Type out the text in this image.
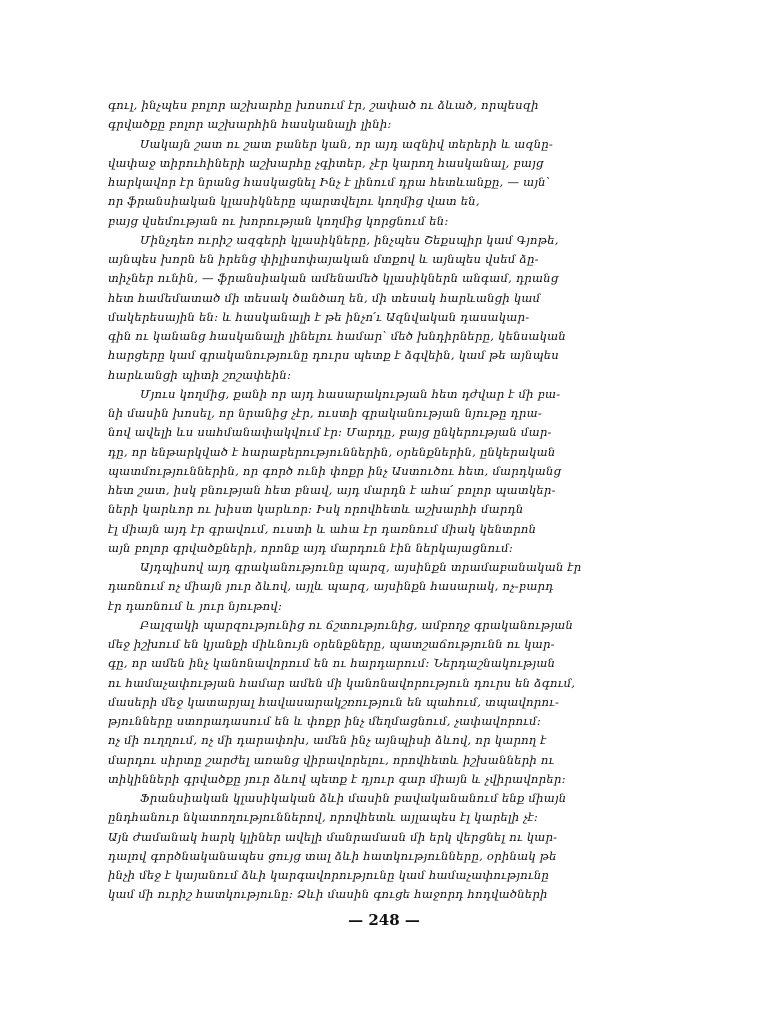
գուլ, ինչպես բոլոր աշխարհը խոսում էր, շափած ու ձևած, որպեսզի
գրվածքը բոլոր աշխարհին հասկանալի լինի։
Սակայն շատ ու շատ բաներ կան, որ այդ ազնիվ տերերի և ազնը-
վափաջ տիրուհիների աշխարհը չգիտեր, չէր կարող հասկանալ, բայց
հարկավոր էր նրանց հասկացնել Ինչ է լինում դրա հետևանքը, — այն՝
որ ֆրանսիական կլասիկները պարտվելու կողմից վատ են,
բայց վսեմության ու խորության կողմից կորցնում են։
Մինչդեռ ուրիշ ազգերի կլասիկները, ինչպես Շեքսպիր կամ Գյոթե,
այնպես խորն են իրենց փիլիսոփայական մտքով և այնպես վսեմ ձը-
տիչներ ունին, — ֆրանսիական ամենամեծ կլասիկներն անգամ, դրանց
հետ համեմատած մի տեսակ ծանծաղ են, մի տեսակ հարևանցի կամ
մակերեսային են։ և հասկանալի է թե ինչո՛ւ Ազնվական դասակար-
գին ու կանանց հասկանալի լինելու համար՝ մեծ խնդիրները, կենսական
հարցերը կամ գրականությունը դուրս պետք է ձգվեին, կամ թե այնպես
հարևանցի պիտի շոշափեին։
Մյուս կողմից, քանի որ այդ հասարակության հետ դժվար է մի բա-
նի մասին խոսել, որ նրանից չէր, ուստի գրականության նյութը դրա-
նով ավելի ևս սահմանափակվում էր։ Մարդը, բայց ընկերության մար-
դը, որ ենթարկված է հարաբերություններին, օրենքներին, ընկերական
պատմություններին, որ գործ ունի փոքր ինչ Աստուծու հետ, մարդկանց
հետ շատ, իսկ բնության հետ բնավ, այդ մարդն է ահա՛ բոլոր պատկեր-
ների կարևոր ու խիստ կարևոր։ Իսկ որովհետև աշխարհի մարդն
էլ միայն այդ էր գրավում, ուստի և ահա էր դառնում միակ կենտրոն
այն բոլոր գրվածքների, որոնք այդ մարդուն էին ներկայացնում։
Այդպիսով այդ գրականությունը պարզ, այսինքն տրամաբանական էր
դառնում ոչ միայն յուր ձևով, այլև պարզ, այսինքն հասարակ, ոչ-բարդ
էր դառնում և յուր նյութով։
Բալզակի պարզությունից ու ճշտությունից, ամբողջ գրականության
մեջ իշխում են կյանքի միևնույն օրենքները, պատշաճությունն ու կար-
գը, որ ամեն ինչ կանոնավորում են ու հարդարում։ Ներդաշնակության
ու համաչափության համար ամեն մի կանոնավորություն դուրս են ձգում,
մասերի մեջ կատարյալ հավասարակշռություն են պահում, տպավորու-
թյունները ստորադասում են և փոքր ինչ մեղմացնում, չափավորում։
ոչ մի ուղղում, ոչ մի դարափոխ, ամեն ինչ այնպիսի ձևով, որ կարող է
մարդու սիրտը շարժել առանց վիրավորելու, որովհետև իշխանների ու
տիկինների գրվածքը յուր ձևով պետք է դյուր գար միայն և չվիրավորեր։
Ֆրանսիական կլասիկական ձևի մասին բավականանում ենք միայն
ընդհանուր նկատողություններով, որովհետև այլապես էլ կարելի չէ։
Այն ժամանակ հարկ կլիներ ավելի մանրամասն մի երկ վերցնել ու կար-
դալով գործնականապես ցույց տալ ձևի հատկությունները, օրինակ թե
ինչի մեջ է կայանում ձևի կարգավորությունը կամ համաչափությունը
կամ մի ուրիշ հատկությունը։ Ձևի մասին գուցե հաջորդ հոդվածների
— 248 —
